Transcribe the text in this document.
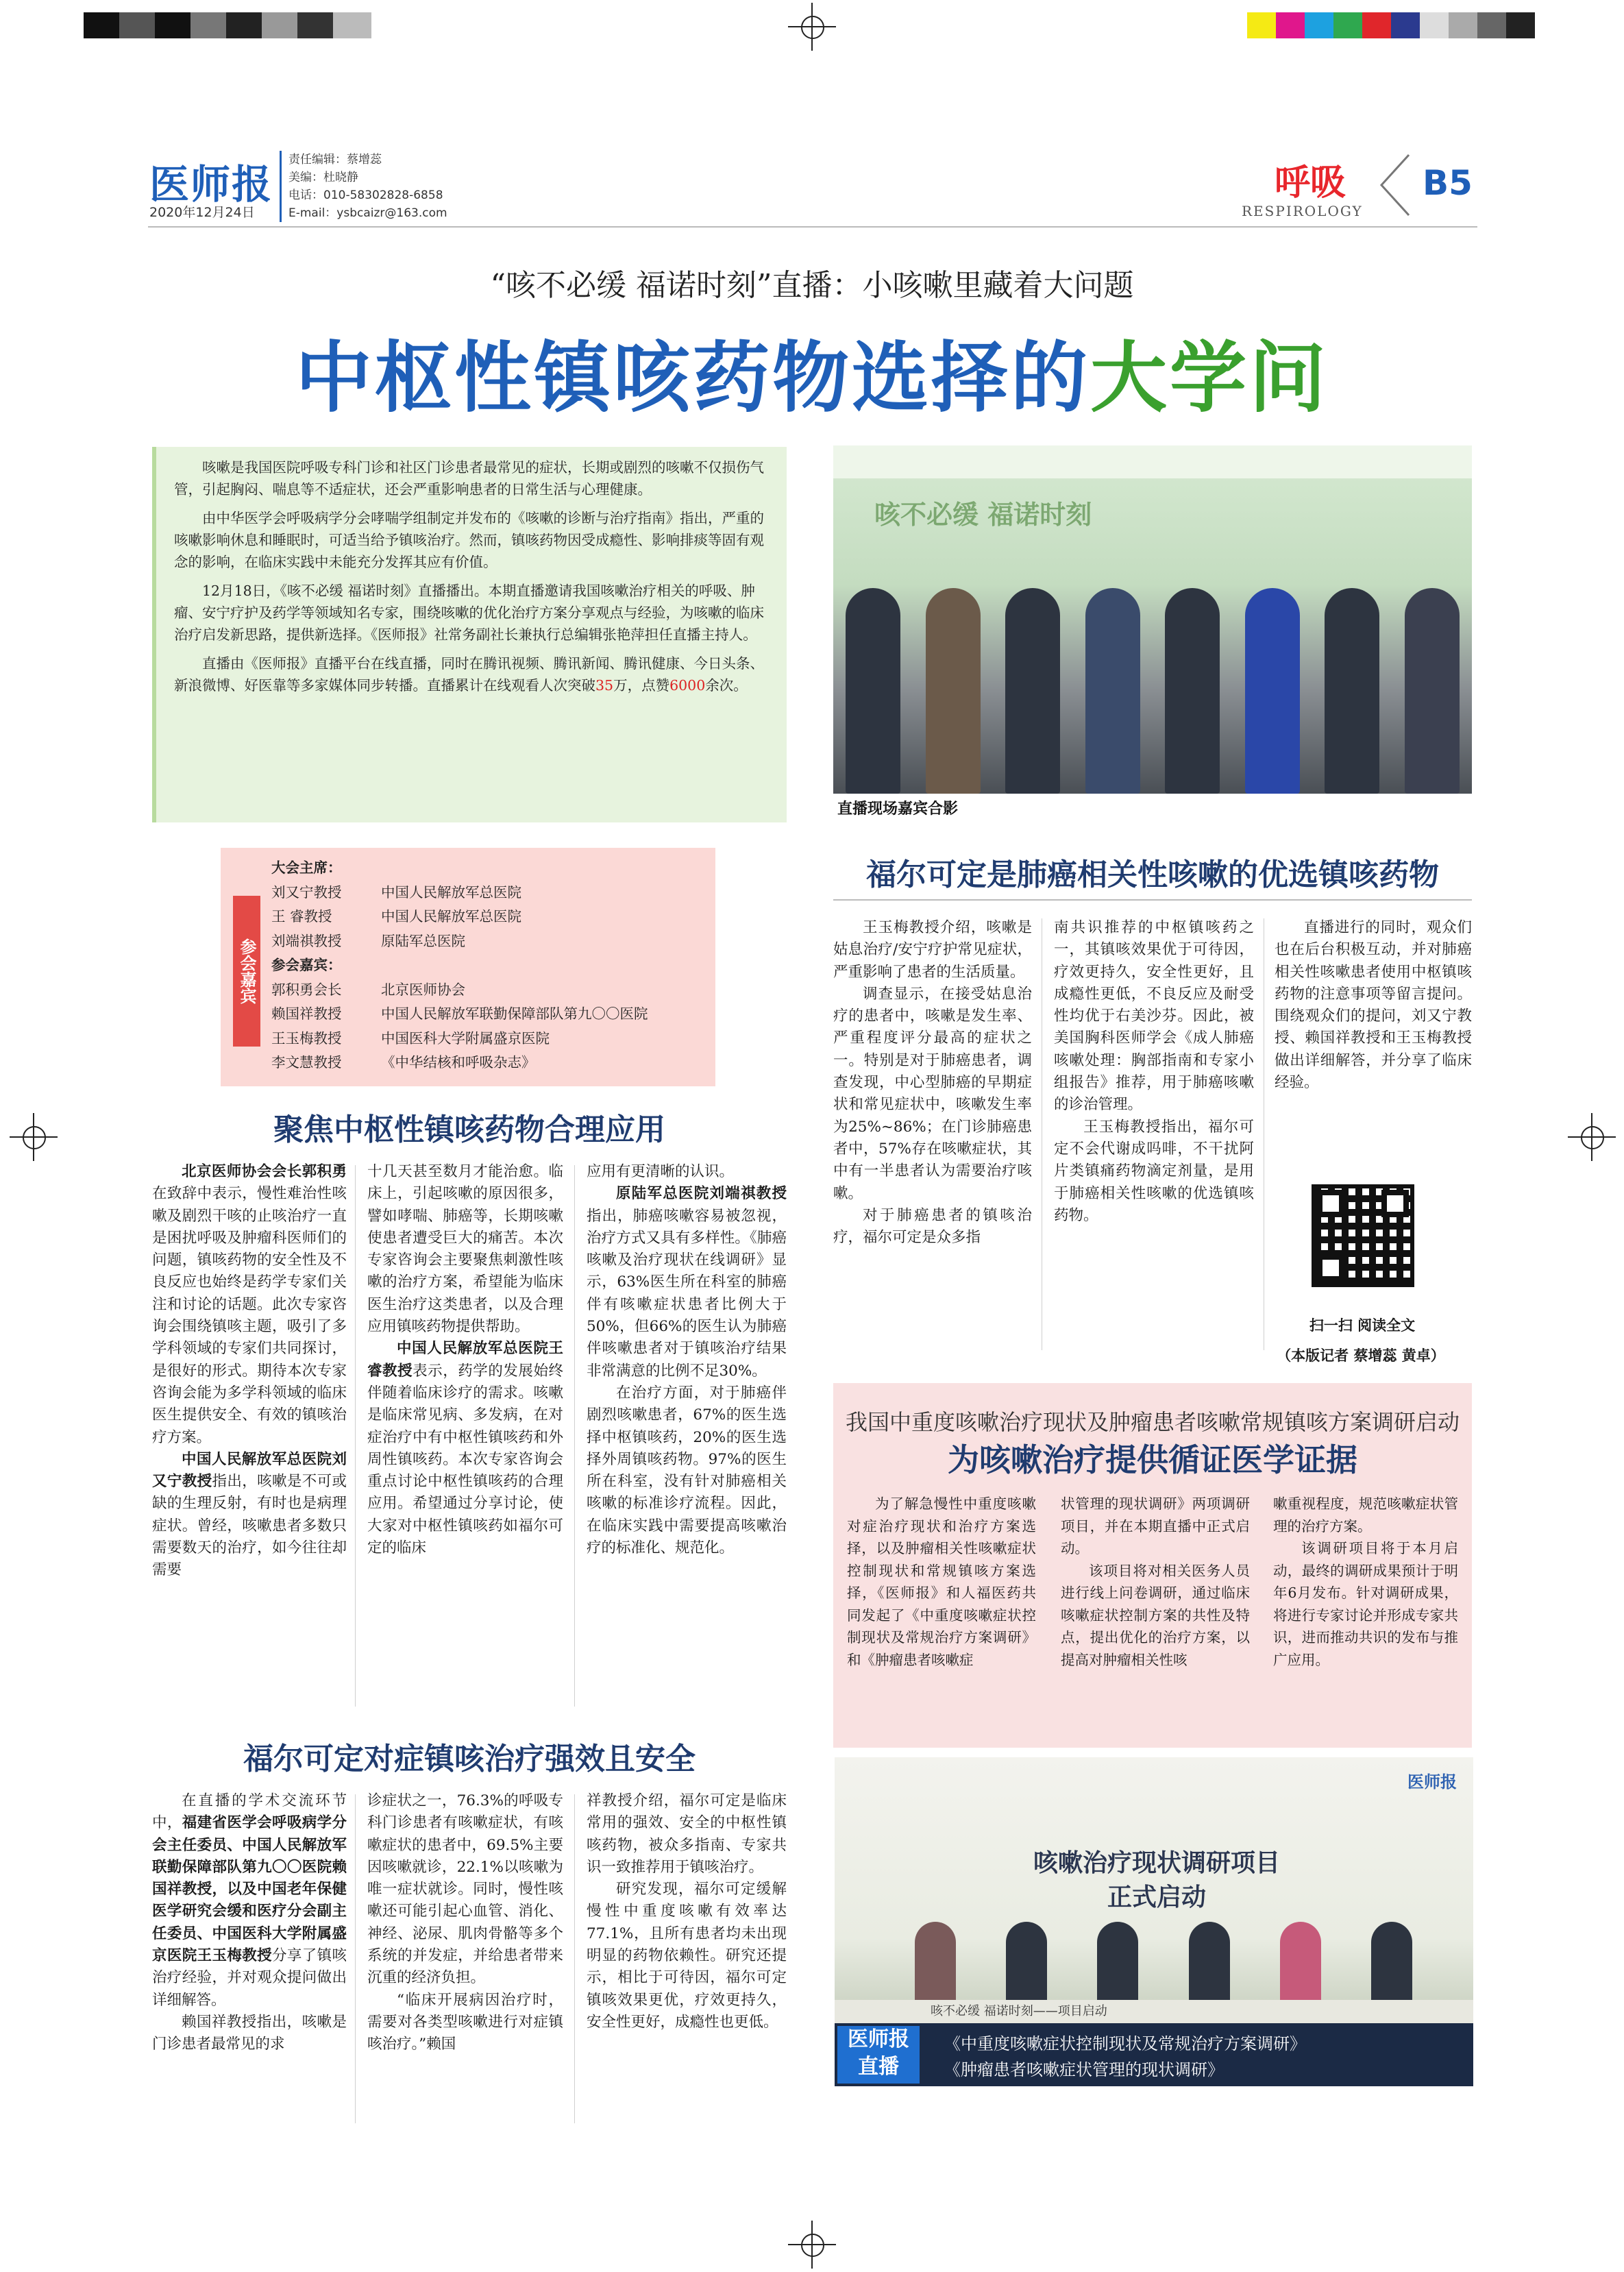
医师报
2020年12月24日
责任编辑：蔡增蕊
美编：杜晓静
电话：010-58302828-6858
E-mail：ysbcaizr@163.com
呼吸
RESPIROLOGY
B5
“咳不必缓 福诺时刻”直播：小咳嗽里藏着大问题
中枢性镇咳药物选择的大学问

咳嗽是我国医院呼吸专科门诊和社区门诊患者最常见的症状，长期或剧烈的咳嗽不仅损伤气管，引起胸闷、喘息等不适症状，还会严重影响患者的日常生活与心理健康。

由中华医学会呼吸病学分会哮喘学组制定并发布的《咳嗽的诊断与治疗指南》指出，严重的咳嗽影响休息和睡眠时，可适当给予镇咳治疗。然而，镇咳药物因受成瘾性、影响排痰等固有观念的影响，在临床实践中未能充分发挥其应有价值。

12月18日，《咳不必缓 福诺时刻》直播播出。本期直播邀请我国咳嗽治疗相关的呼吸、肿瘤、安宁疗护及药学等领域知名专家，围绕咳嗽的优化治疗方案分享观点与经验，为咳嗽的临床治疗启发新思路，提供新选择。《医师报》社常务副社长兼执行总编辑张艳萍担任直播主持人。

直播由《医师报》直播平台在线直播，同时在腾讯视频、腾讯新闻、腾讯健康、今日头条、新浪微博、好医靠等多家媒体同步转播。直播累计在线观看人次突破35万，点赞6000余次。

咳不必缓 福诺时刻
直播现场嘉宾合影
参会嘉宾
大会主席：
刘又宁教授	中国人民解放军总医院
王 睿教授	中国人民解放军总医院
刘端祺教授	原陆军总医院
参会嘉宾：
郭积勇会长	北京医师协会
赖国祥教授	中国人民解放军联勤保障部队第九〇〇医院
王玉梅教授	中国医科大学附属盛京医院
李文慧教授	《中华结核和呼吸杂志》
聚焦中枢性镇咳药物合理应用

北京医师协会会长郭积勇在致辞中表示，慢性难治性咳嗽及剧烈干咳的止咳治疗一直是困扰呼吸及肿瘤科医师们的问题，镇咳药物的安全性及不良反应也始终是药学专家们关注和讨论的话题。此次专家咨询会围绕镇咳主题，吸引了多学科领域的专家们共同探讨，是很好的形式。期待本次专家咨询会能为多学科领域的临床医生提供安全、有效的镇咳治疗方案。

中国人民解放军总医院刘又宁教授指出，咳嗽是不可或缺的生理反射，有时也是病理症状。曾经，咳嗽患者多数只需要数天的治疗，如今往往却需要

十几天甚至数月才能治愈。临床上，引起咳嗽的原因很多，譬如哮喘、肺癌等，长期咳嗽使患者遭受巨大的痛苦。本次专家咨询会主要聚焦刺激性咳嗽的治疗方案，希望能为临床医生治疗这类患者，以及合理应用镇咳药物提供帮助。

中国人民解放军总医院王睿教授表示，药学的发展始终伴随着临床诊疗的需求。咳嗽是临床常见病、多发病，在对症治疗中有中枢性镇咳药和外周性镇咳药。本次专家咨询会重点讨论中枢性镇咳药的合理应用。希望通过分享讨论，使大家对中枢性镇咳药如福尔可定的临床

应用有更清晰的认识。

原陆军总医院刘端祺教授指出，肺癌咳嗽容易被忽视，治疗方式又具有多样性。《肺癌咳嗽及治疗现状在线调研》显示，63%医生所在科室的肺癌伴有咳嗽症状患者比例大于50%，但66%的医生认为肺癌伴咳嗽患者对于镇咳治疗结果非常满意的比例不足30%。

在治疗方面，对于肺癌伴剧烈咳嗽患者，67%的医生选择中枢镇咳药，20%的医生选择外周镇咳药物。97%的医生所在科室，没有针对肺癌相关咳嗽的标准诊疗流程。因此，在临床实践中需要提高咳嗽治疗的标准化、规范化。

福尔可定是肺癌相关性咳嗽的优选镇咳药物

王玉梅教授介绍，咳嗽是姑息治疗/安宁疗护常见症状，严重影响了患者的生活质量。

调查显示，在接受姑息治疗的患者中，咳嗽是发生率、严重程度评分最高的症状之一。特别是对于肺癌患者，调查发现，中心型肺癌的早期症状和常见症状中，咳嗽发生率为25%~86%；在门诊肺癌患者中，57%存在咳嗽症状，其中有一半患者认为需要治疗咳嗽。

对于肺癌患者的镇咳治疗，福尔可定是众多指

南共识推荐的中枢镇咳药之一，其镇咳效果优于可待因，疗效更持久，安全性更好，且成瘾性更低，不良反应及耐受性均优于右美沙芬。因此，被美国胸科医师学会《成人肺癌咳嗽处理：胸部指南和专家小组报告》推荐，用于肺癌咳嗽的诊治管理。

王玉梅教授指出，福尔可定不会代谢成吗啡，不干扰阿片类镇痛药物滴定剂量，是用于肺癌相关性咳嗽的优选镇咳药物。

直播进行的同时，观众们也在后台积极互动，并对肺癌相关性咳嗽患者使用中枢镇咳药物的注意事项等留言提问。围绕观众们的提问，刘又宁教授、赖国祥教授和王玉梅教授做出详细解答，并分享了临床经验。

扫一扫 阅读全文
（本版记者 蔡增蕊 黄卓）
我国中重度咳嗽治疗现状及肿瘤患者咳嗽常规镇咳方案调研启动
为咳嗽治疗提供循证医学证据

为了解急慢性中重度咳嗽对症治疗现状和治疗方案选择，以及肿瘤相关性咳嗽症状控制现状和常规镇咳方案选择，《医师报》和人福医药共同发起了《中重度咳嗽症状控制现状及常规治疗方案调研》和《肿瘤患者咳嗽症

状管理的现状调研》两项调研项目，并在本期直播中正式启动。

该项目将对相关医务人员进行线上问卷调研，通过临床咳嗽症状控制方案的共性及特点，提出优化的治疗方案，以提高对肿瘤相关性咳

嗽重视程度，规范咳嗽症状管理的治疗方案。

该调研项目将于本月启动，最终的调研成果预计于明年6月发布。针对调研成果，将进行专家讨论并形成专家共识，进而推动共识的发布与推广应用。

福尔可定对症镇咳治疗强效且安全

在直播的学术交流环节中，福建省医学会呼吸病学分会主任委员、中国人民解放军联勤保障部队第九〇〇医院赖国祥教授，以及中国老年保健医学研究会缓和医疗分会副主任委员、中国医科大学附属盛京医院王玉梅教授分享了镇咳治疗经验，并对观众提问做出详细解答。

赖国祥教授指出，咳嗽是门诊患者最常见的求

诊症状之一，76.3%的呼吸专科门诊患者有咳嗽症状，有咳嗽症状的患者中，69.5%主要因咳嗽就诊，22.1%以咳嗽为唯一症状就诊。同时，慢性咳嗽还可能引起心血管、消化、神经、泌尿、肌肉骨骼等多个系统的并发症，并给患者带来沉重的经济负担。

“临床开展病因治疗时，需要对各类型咳嗽进行对症镇咳治疗。”赖国

祥教授介绍，福尔可定是临床常用的强效、安全的中枢性镇咳药物，被众多指南、专家共识一致推荐用于镇咳治疗。

研究发现，福尔可定缓解慢性中重度咳嗽有效率达77.1%，且所有患者均未出现明显的药物依赖性。研究还提示，相比于可待因，福尔可定镇咳效果更优，疗效更持久，安全性更好，成瘾性也更低。

医师报
咳嗽治疗现状调研项目
正式启动
咳不必缓 福诺时刻——项目启动
医师报
直播
《中重度咳嗽症状控制现状及常规治疗方案调研》
《肿瘤患者咳嗽症状管理的现状调研》
